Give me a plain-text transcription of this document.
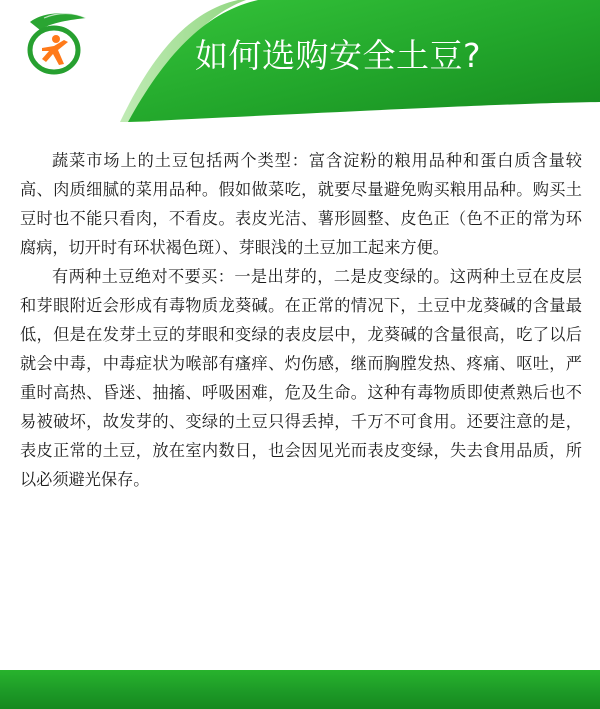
如何选购安全土豆?

蔬菜市场上的土豆包括两个类型：富含淀粉的粮用品种和蛋白质含量较高、肉质细腻的菜用品种。假如做菜吃，就要尽量避免购买粮用品种。购买土豆时也不能只看肉，不看皮。表皮光洁、薯形圆整、皮色正（色不正的常为环腐病，切开时有环状褐色斑）、芽眼浅的土豆加工起来方便。

有两种土豆绝对不要买：一是出芽的，二是皮变绿的。这两种土豆在皮层和芽眼附近会形成有毒物质龙葵碱。在正常的情况下，土豆中龙葵碱的含量最低，但是在发芽土豆的芽眼和变绿的表皮层中，龙葵碱的含量很高，吃了以后就会中毒，中毒症状为喉部有瘙痒、灼伤感，继而胸膛发热、疼痛、呕吐，严重时高热、昏迷、抽搐、呼吸困难，危及生命。这种有毒物质即使煮熟后也不易被破坏，故发芽的、变绿的土豆只得丢掉，千万不可食用。还要注意的是，表皮正常的土豆，放在室内数日，也会因见光而表皮变绿，失去食用品质，所以必须避光保存。
